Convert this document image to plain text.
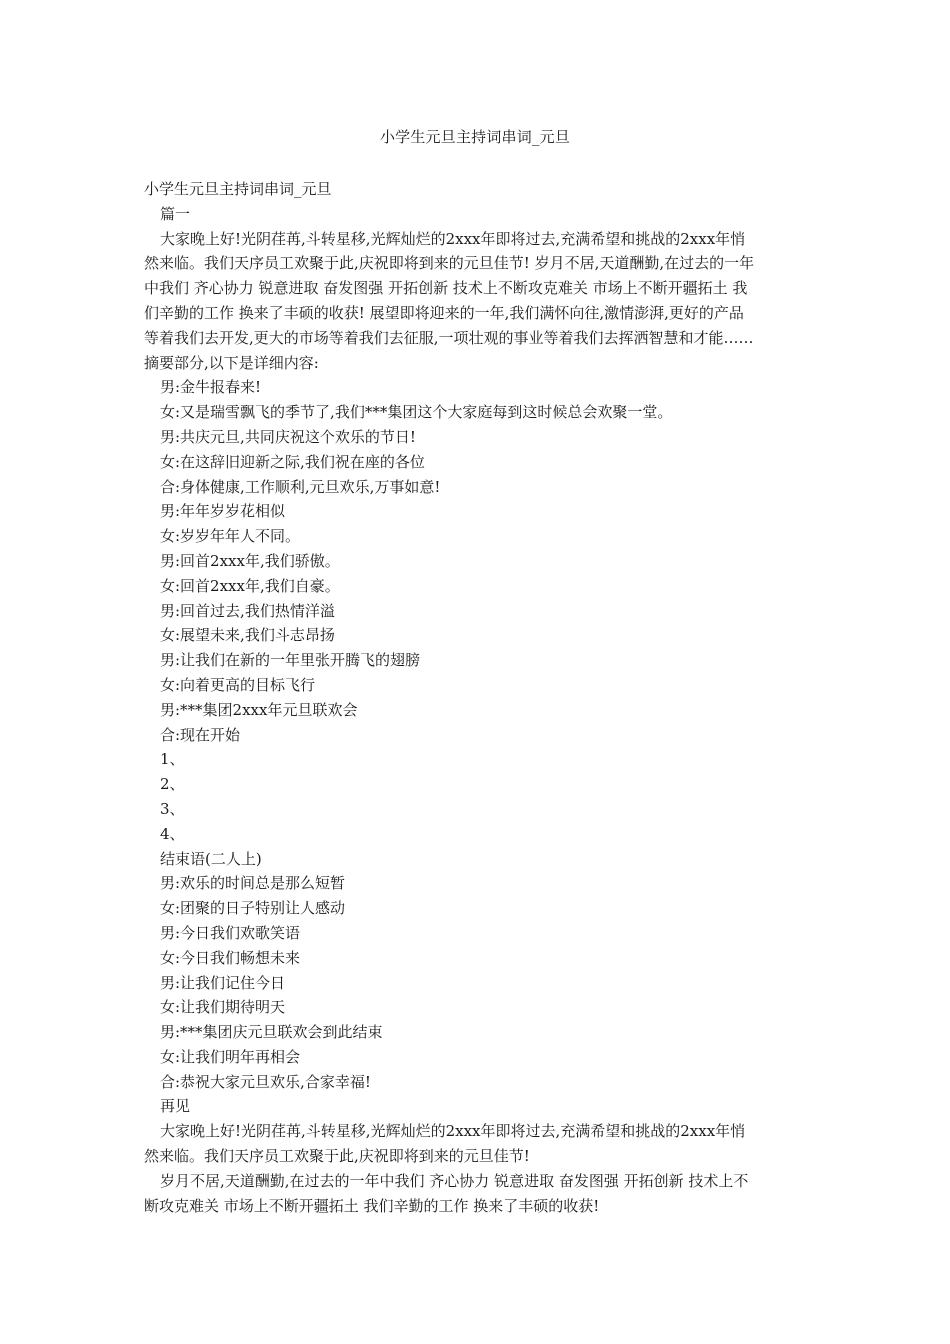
小学生元旦主持词串词_元旦
小学生元旦主持词串词_元旦
篇一
大家晚上好!光阴荏苒,斗转星移,光辉灿烂的2xxx年即将过去,充满希望和挑战的2xxx年悄
然来临。我们天序员工欢聚于此,庆祝即将到来的元旦佳节! 岁月不居,天道酬勤,在过去的一年
中我们 齐心协力 锐意进取 奋发图强 开拓创新 技术上不断攻克难关 市场上不断开疆拓土 我
们辛勤的工作 换来了丰硕的收获! 展望即将迎来的一年,我们满怀向往,激情澎湃,更好的产品
等着我们去开发,更大的市场等着我们去征服,一项壮观的事业等着我们去挥洒智慧和才能……
摘要部分,以下是详细内容:
男:金牛报春来!
女:又是瑞雪飘飞的季节了,我们***集团这个大家庭每到这时候总会欢聚一堂。
男:共庆元旦,共同庆祝这个欢乐的节日!
女:在这辞旧迎新之际,我们祝在座的各位
合:身体健康,工作顺利,元旦欢乐,万事如意!
男:年年岁岁花相似
女:岁岁年年人不同。
男:回首2xxx年,我们骄傲。
女:回首2xxx年,我们自豪。
男:回首过去,我们热情洋溢
女:展望未来,我们斗志昂扬
男:让我们在新的一年里张开腾飞的翅膀
女:向着更高的目标飞行
男:***集团2xxx年元旦联欢会
合:现在开始
1、
2、
3、
4、
结束语(二人上)
男:欢乐的时间总是那么短暂
女:团聚的日子特别让人感动
男:今日我们欢歌笑语
女:今日我们畅想未来
男:让我们记住今日
女:让我们期待明天
男:***集团庆元旦联欢会到此结束
女:让我们明年再相会
合:恭祝大家元旦欢乐,合家幸福!
再见
大家晚上好!光阴荏苒,斗转星移,光辉灿烂的2xxx年即将过去,充满希望和挑战的2xxx年悄
然来临。我们天序员工欢聚于此,庆祝即将到来的元旦佳节!
岁月不居,天道酬勤,在过去的一年中我们 齐心协力 锐意进取 奋发图强 开拓创新 技术上不
断攻克难关 市场上不断开疆拓土 我们辛勤的工作 换来了丰硕的收获!
